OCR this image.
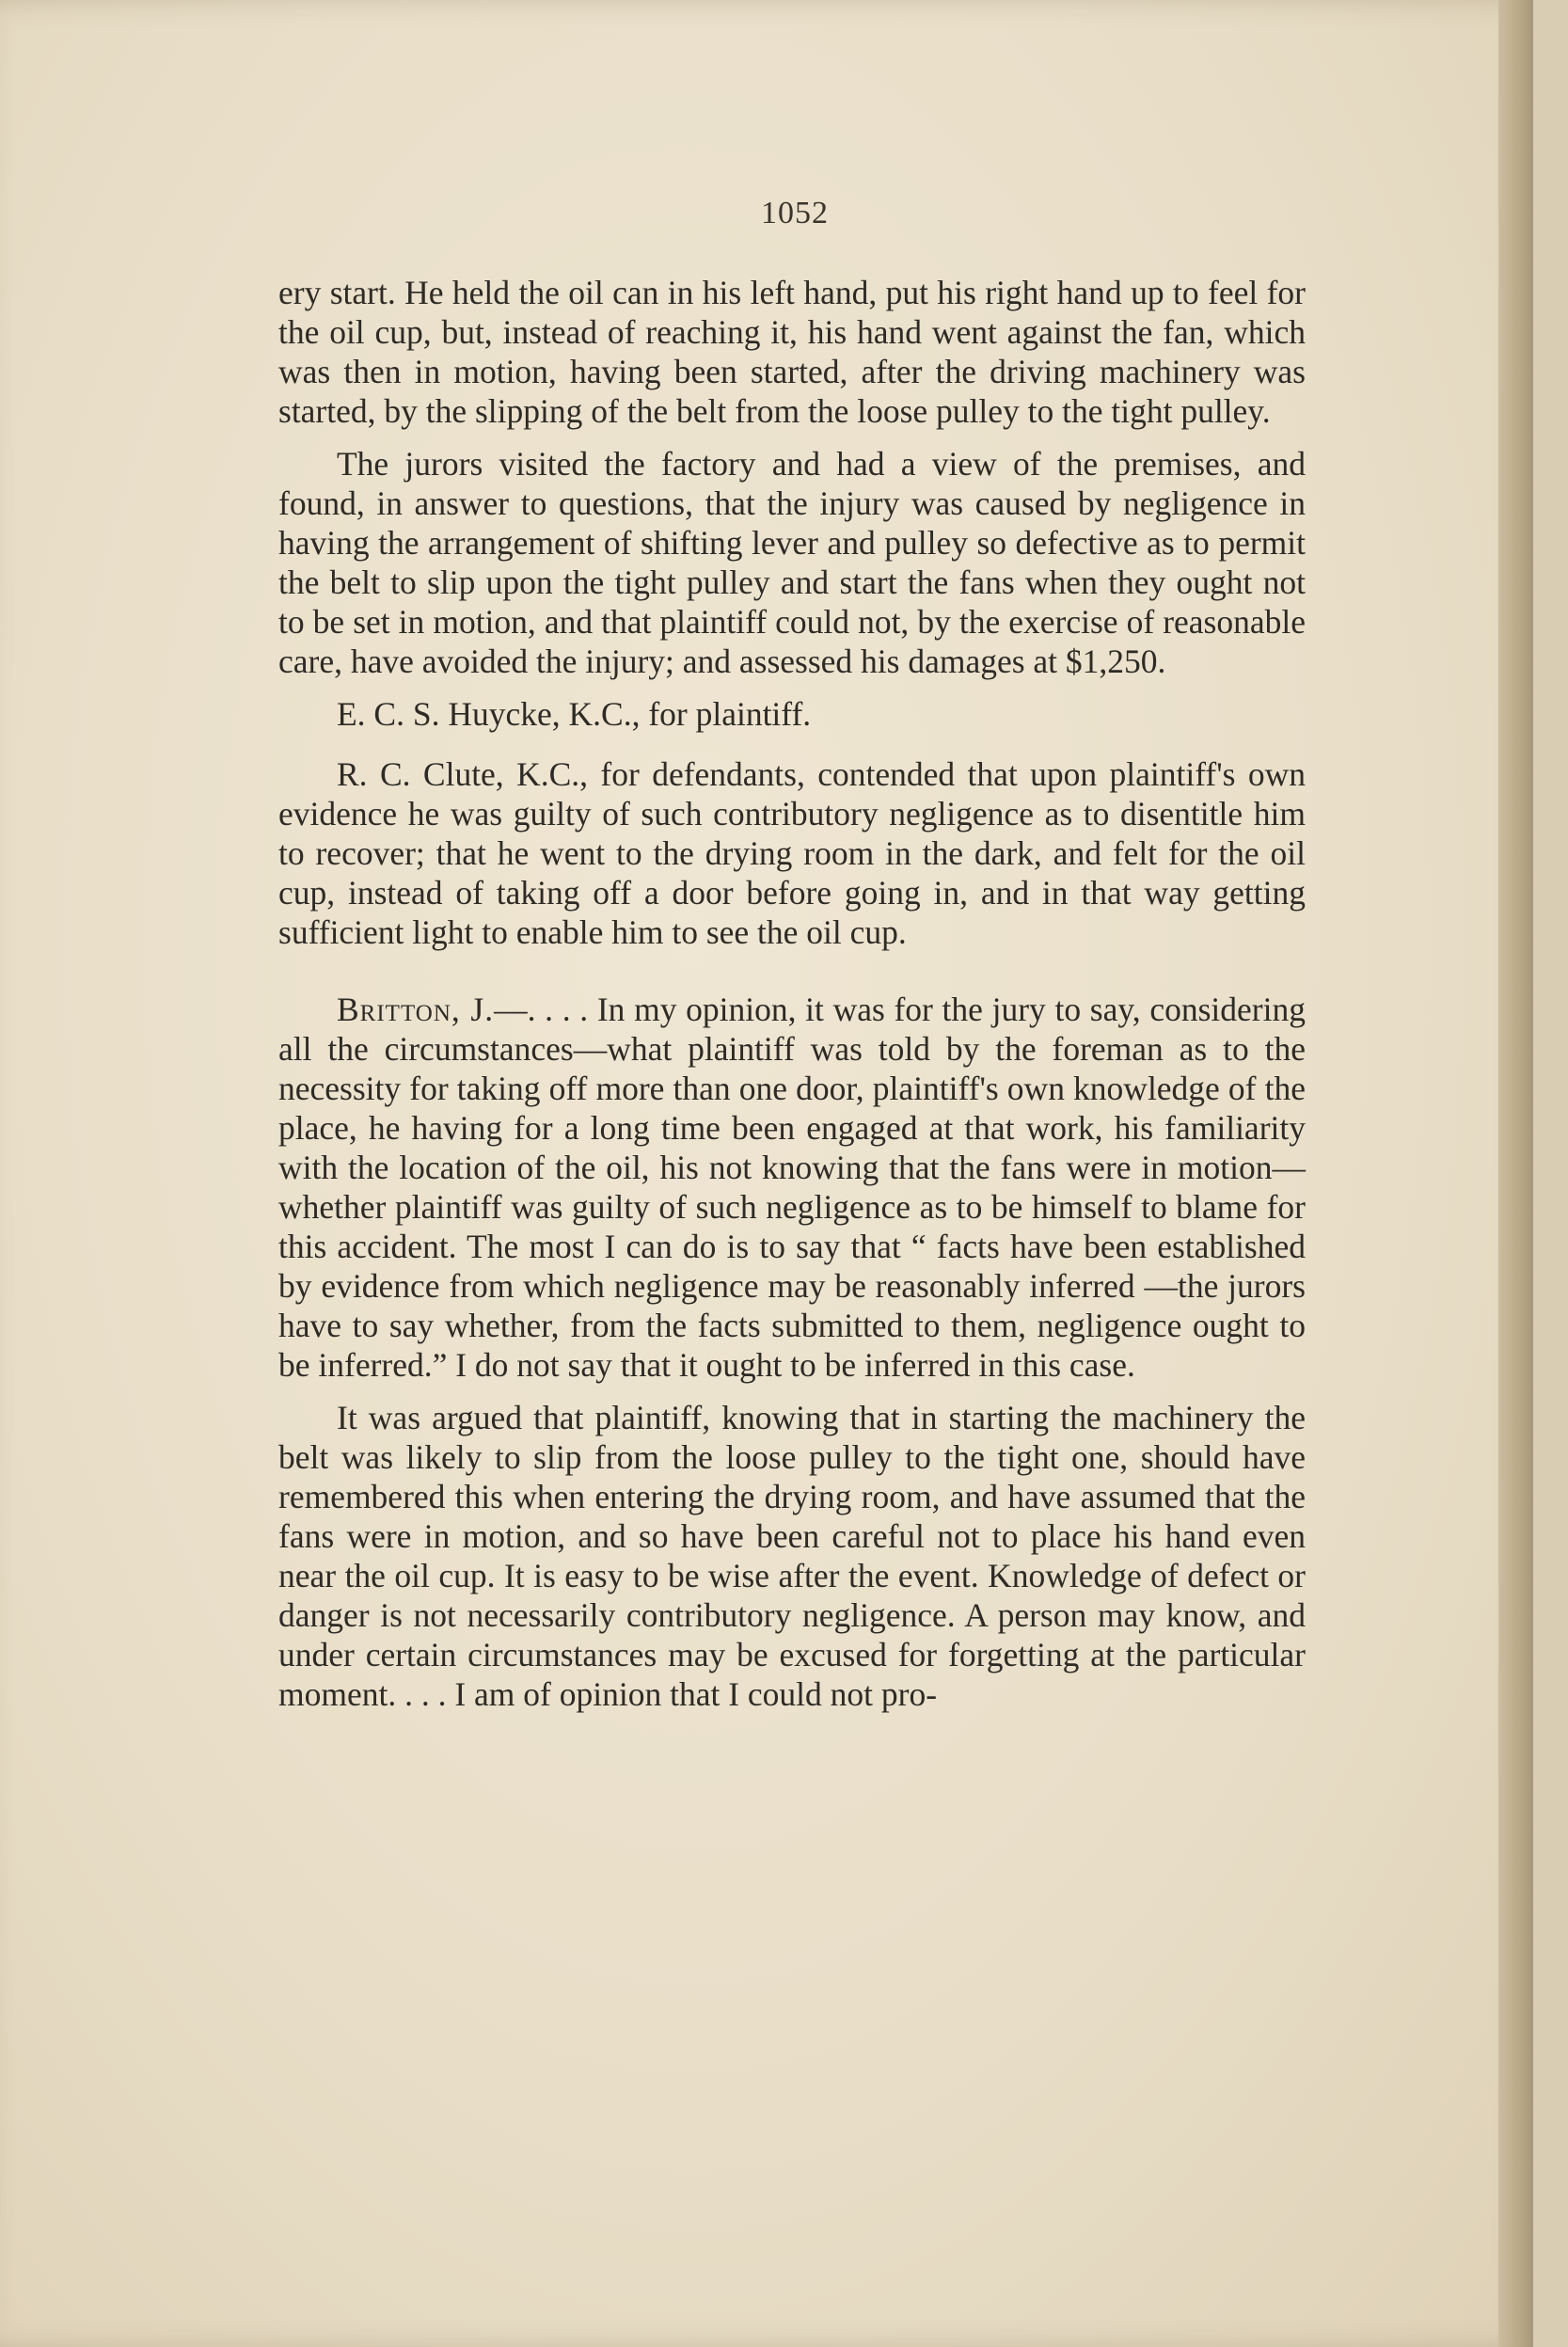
1052

ery start. He held the oil can in his left hand, put his right hand up to feel for the oil cup, but, instead of reaching it, his hand went against the fan, which was then in motion, having been started, after the driving machinery was started, by the slipping of the belt from the loose pulley to the tight pulley.

The jurors visited the factory and had a view of the premises, and found, in answer to questions, that the injury was caused by negligence in having the arrangement of shifting lever and pulley so defective as to permit the belt to slip upon the tight pulley and start the fans when they ought not to be set in motion, and that plaintiff could not, by the exercise of reasonable care, have avoided the injury; and assessed his damages at $1,250.

E. C. S. Huycke, K.C., for plaintiff.

R. C. Clute, K.C., for defendants, contended that upon plaintiff's own evidence he was guilty of such contributory negligence as to disentitle him to recover; that he went to the drying room in the dark, and felt for the oil cup, instead of taking off a door before going in, and in that way getting sufficient light to enable him to see the oil cup.

Britton, J.—. . . . In my opinion, it was for the jury to say, considering all the circumstances—what plaintiff was told by the foreman as to the necessity for taking off more than one door, plaintiff's own knowledge of the place, he having for a long time been engaged at that work, his familiarity with the location of the oil, his not knowing that the fans were in motion—whether plaintiff was guilty of such negligence as to be himself to blame for this accident. The most I can do is to say that “ facts have been established by evidence from which negligence may be reasonably inferred —the jurors have to say whether, from the facts submitted to them, negligence ought to be inferred.” I do not say that it ought to be inferred in this case.

It was argued that plaintiff, knowing that in starting the machinery the belt was likely to slip from the loose pulley to the tight one, should have remembered this when entering the drying room, and have assumed that the fans were in motion, and so have been careful not to place his hand even near the oil cup. It is easy to be wise after the event. Knowledge of defect or danger is not necessarily contributory negligence. A person may know, and under certain circumstances may be excused for forgetting at the particular moment. . . . I am of opinion that I could not pro-
